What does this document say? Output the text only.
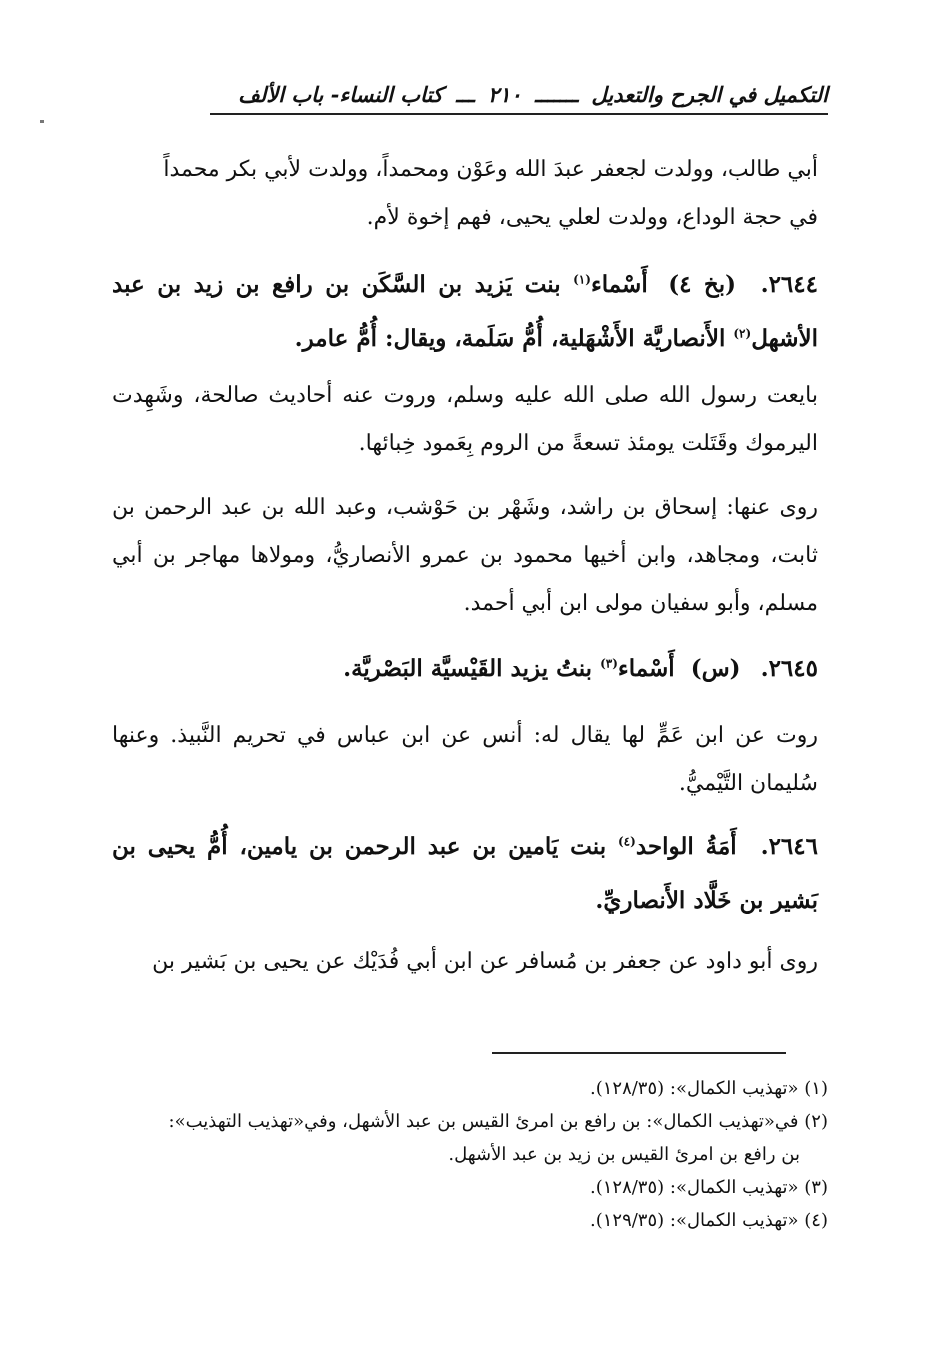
التكميل في الجرح والتعديل ـــــــ ٢١٠ ـــ كتاب النساء- باب الألف

أبي طالب، وولدت لجعفر عبدَ الله وعَوْن ومحمداً، وولدت لأبي بكر محمداً

في حجة الوداع، وولدت لعلي يحيى، فهم إخوة لأم.

٢٦٤٤. (بخ ٤) أَسْماء$^{(١)}$ بنت يَزيد بن السَّكَن بن رافع بن زيد بن عبد الأشهل$^{(٢)}$ الأَنصاريَّة الأَشْهَلية، أُمُّ سَلَمة، ويقال: أُمُّ عامر.

بايعت رسول الله صلى الله عليه وسلم، وروت عنه أحاديث صالحة، وشَهِدت اليرموك وقَتَلت يومئذ تسعةً من الروم بِعَمود خِبائها.

روى عنها: إسحاق بن راشد، وشَهْر بن حَوْشب، وعبد الله بن عبد الرحمن بن ثابت، ومجاهد، وابن أخيها محمود بن عمرو الأنصاريُّ، ومولاها مهاجر بن أبي مسلم، وأبو سفيان مولى ابن أبي أحمد.

٢٦٤٥. (س) أَسْماء$^{(٣)}$ بنتُ يزيد القَيْسيَّة البَصْريَّة.

روت عن ابن عَمٍّ لها يقال له: أنس عن ابن عباس في تحريم النَّبيذ. وعنها سُليمان التَّيْميُّ.

٢٦٤٦. أَمَةُ الواحد$^{(٤)}$ بنت يَامين بن عبد الرحمن بن يامين، أُمُّ يحيى بن بَشير بن خَلَّاد الأَنصاريِّ.

روى أبو داود عن جعفر بن مُسافر عن ابن أبي فُدَيْك عن يحيى بن بَشير بن

(١) «تهذيب الكمال»: (١٢٨/٣٥).

(٢) في«تهذيب الكمال»: بن رافع بن امرئ القيس بن عبد الأشهل، وفي«تهذيب التهذيب»:

بن رافع بن امرئ القيس بن زيد بن عبد الأشهل.

(٣) «تهذيب الكمال»: (١٢٨/٣٥).

(٤) «تهذيب الكمال»: (١٢٩/٣٥).
